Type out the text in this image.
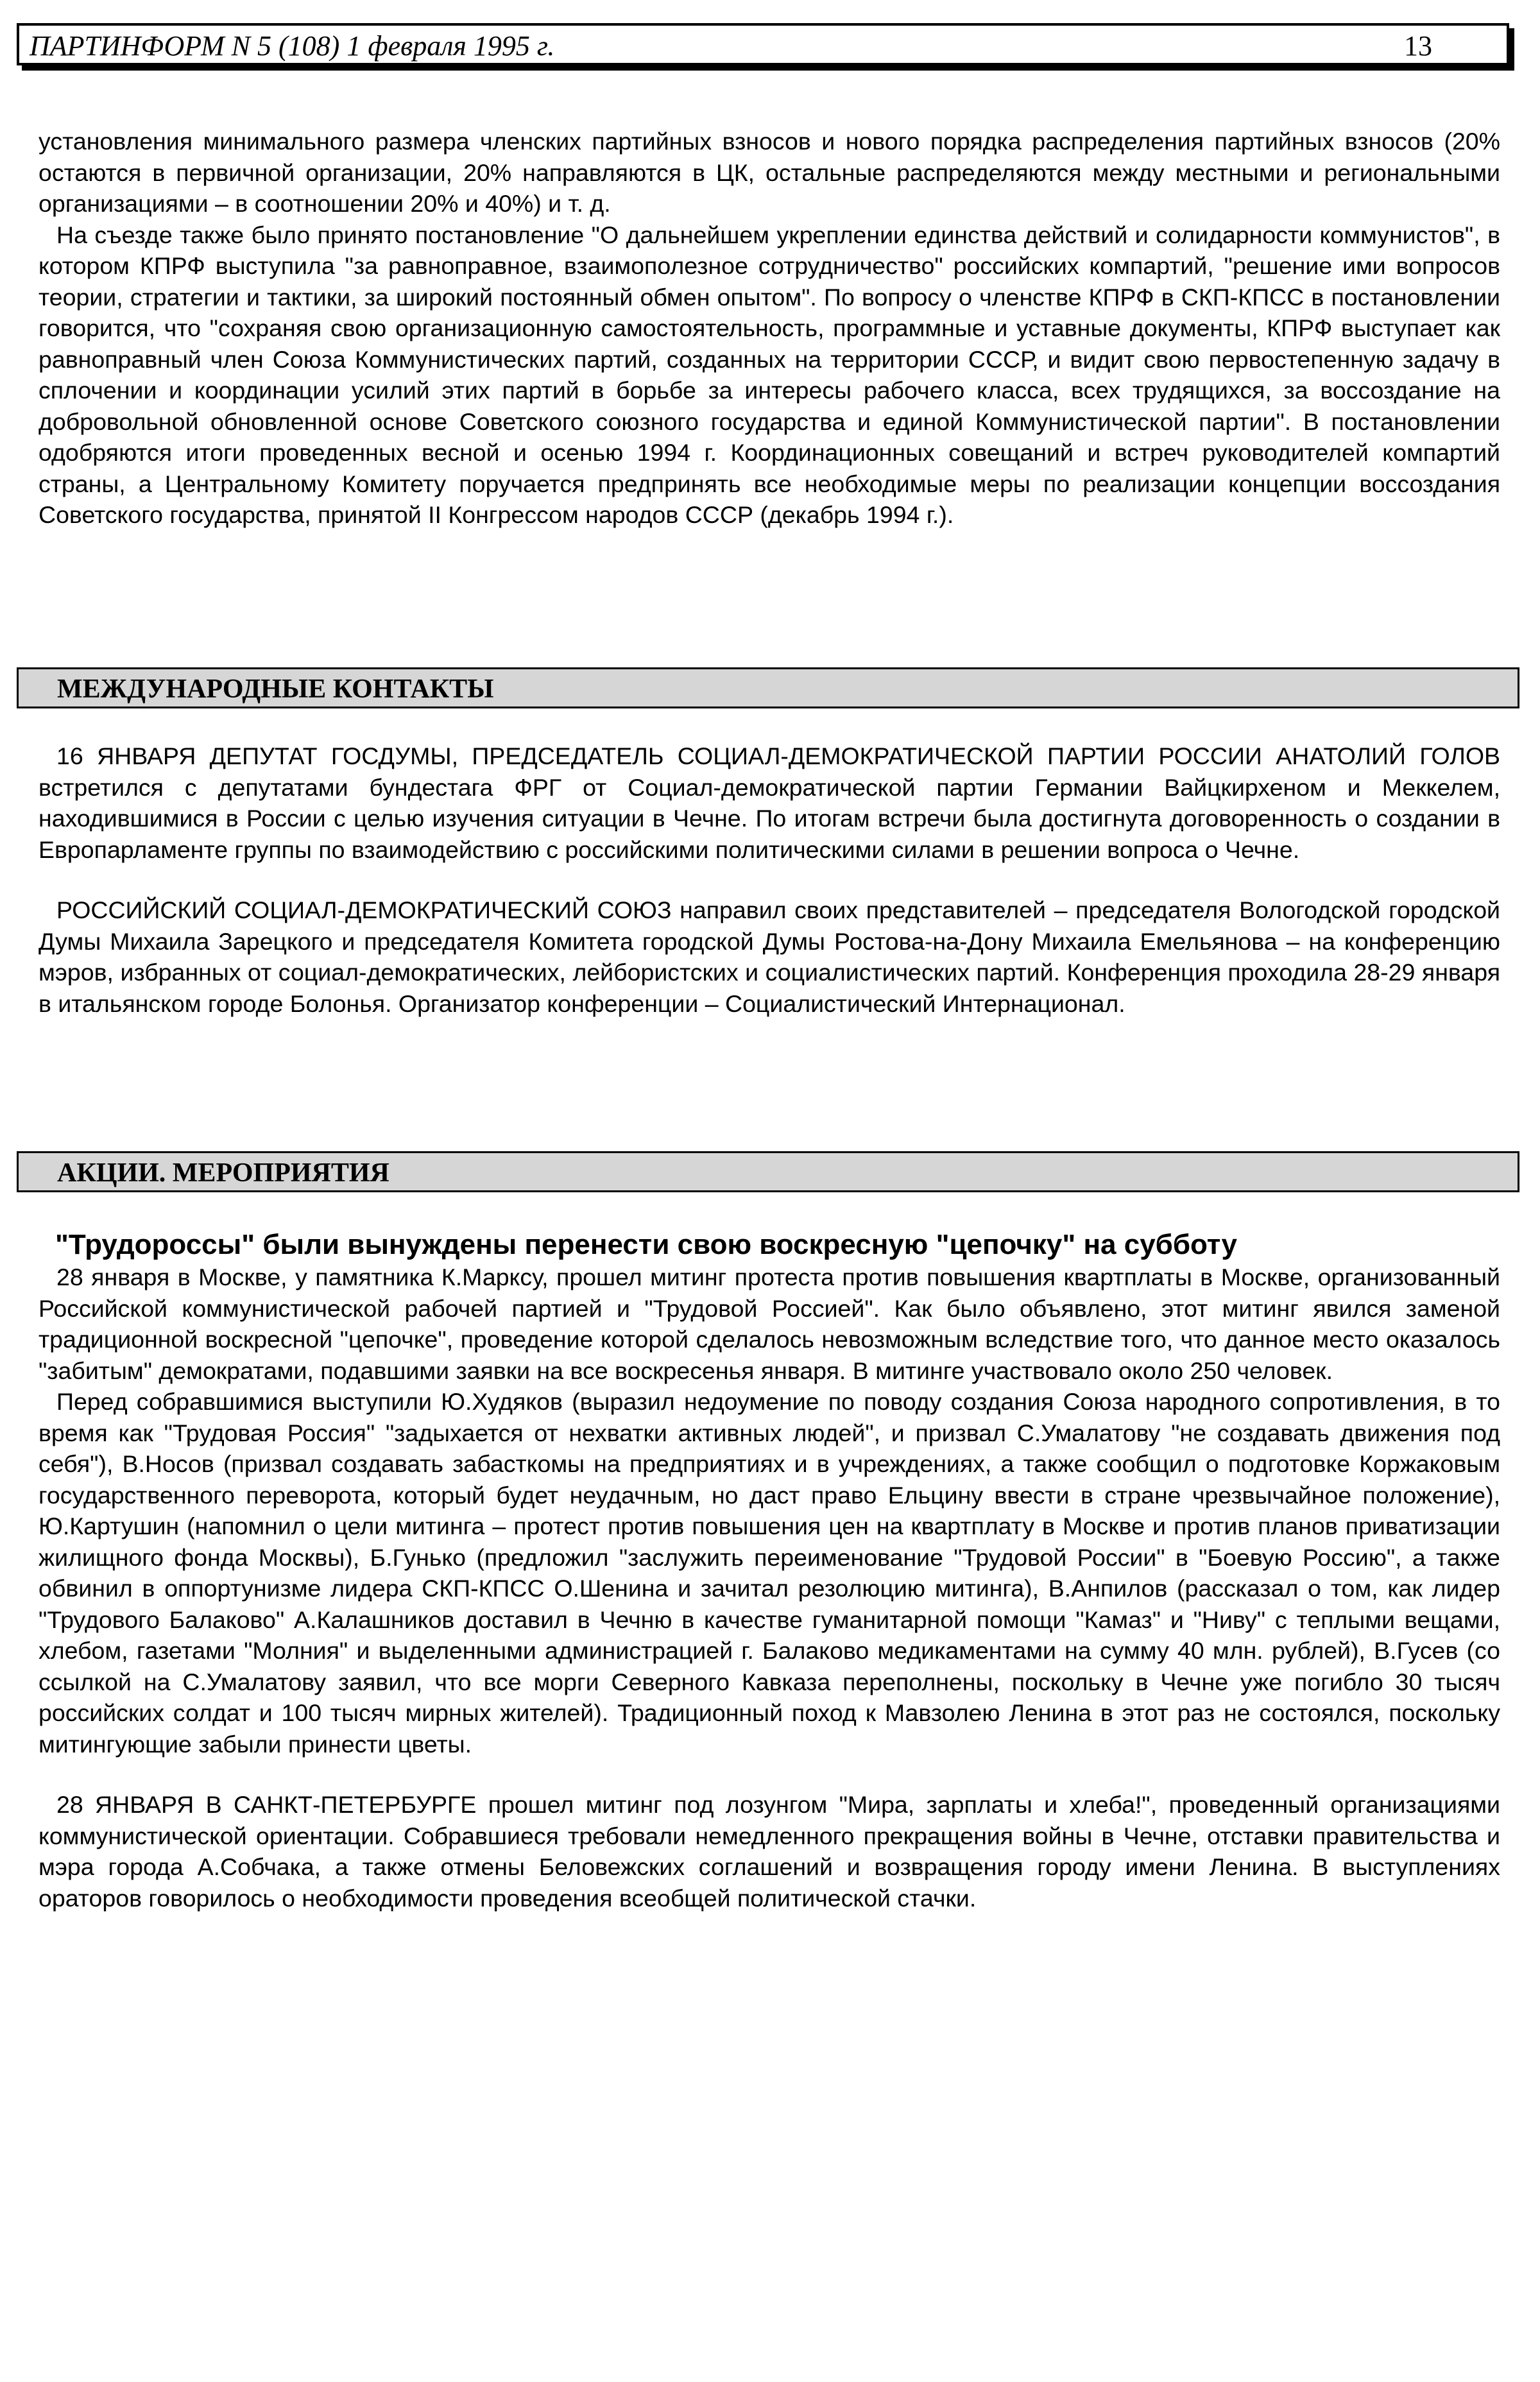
ПАРТИНФОРМ N 5 (108) 1 февраля 1995 г.	13

установления минимального размера членских партийных взносов и нового порядка распределения партийных взносов (20% остаются в первичной организации, 20% направляются в ЦК, остальные распределяются между местными и региональными организациями – в соотношении 20% и 40%) и т. д.

На съезде также было принято постановление "О дальнейшем укреплении единства действий и солидарности коммунистов", в котором КПРФ выступила "за равноправное, взаимополезное сотрудничество" российских компартий, "решение ими вопросов теории, стратегии и тактики, за широкий постоянный обмен опытом". По вопросу о членстве КПРФ в СКП-КПСС в постановлении говорится, что "сохраняя свою организационную самостоятельность, программные и уставные документы, КПРФ выступает как равноправный член Союза Коммунистических партий, созданных на территории СССР, и видит свою первостепенную задачу в сплочении и координации усилий этих партий в борьбе за интересы рабочего класса, всех трудящихся, за воссоздание на добровольной обновленной основе Советского союзного государства и единой Коммунистической партии". В постановлении одобряются итоги проведенных весной и осенью 1994 г. Координационных совещаний и встреч руководителей компартий страны, а Центральному Комитету поручается предпринять все необходимые меры по реализации концепции воссоздания Советского государства, принятой II Конгрессом народов СССР (декабрь 1994 г.).

МЕЖДУНАРОДНЫЕ КОНТАКТЫ

16 ЯНВАРЯ ДЕПУТАТ ГОСДУМЫ, ПРЕДСЕДАТЕЛЬ СОЦИАЛ-ДЕМОКРАТИЧЕСКОЙ ПАРТИИ РОССИИ АНАТОЛИЙ ГОЛОВ встретился с депутатами бундестага ФРГ от Социал-демократической партии Германии Вайцкирхеном и Меккелем, находившимися в России с целью изучения ситуации в Чечне. По итогам встречи была достигнута договоренность о создании в Европарламенте группы по взаимодействию с российскими политическими силами в решении вопроса о Чечне.

РОССИЙСКИЙ СОЦИАЛ-ДЕМОКРАТИЧЕСКИЙ СОЮЗ направил своих представителей – председателя Вологодской городской Думы Михаила Зарецкого и председателя Комитета городской Думы Ростова-на-Дону Михаила Емельянова – на конференцию мэров, избранных от социал-демократических, лейбористских и социалистических партий. Конференция проходила 28-29 января в итальянском городе Болонья. Организатор конференции – Социалистический Интернационал.

АКЦИИ. МЕРОПРИЯТИЯ
"Трудороссы" были вынуждены перенести свою воскресную "цепочку" на субботу

28 января в Москве, у памятника К.Марксу, прошел митинг протеста против повышения квартплаты в Москве, организованный Российской коммунистической рабочей партией и "Трудовой Россией". Как было объявлено, этот митинг явился заменой традиционной воскресной "цепочке", проведение которой сделалось невозможным вследствие того, что данное место оказалось "забитым" демократами, подавшими заявки на все воскресенья января. В митинге участвовало около 250 человек.

Перед собравшимися выступили Ю.Худяков (выразил недоумение по поводу создания Союза народного сопротивления, в то время как "Трудовая Россия" "задыхается от нехватки активных людей", и призвал С.Умалатову "не создавать движения под себя"), В.Носов (призвал создавать забасткомы на предприятиях и в учреждениях, а также сообщил о подготовке Коржаковым государственного переворота, который будет неудачным, но даст право Ельцину ввести в стране чрезвычайное положение), Ю.Картушин (напомнил о цели митинга – протест против повышения цен на квартплату в Москве и против планов приватизации жилищного фонда Москвы), Б.Гунько (предложил "заслужить переименование "Трудовой России" в "Боевую Россию", а также обвинил в оппортунизме лидера СКП-КПСС О.Шенина и зачитал резолюцию митинга), В.Анпилов (рассказал о том, как лидер "Трудового Балаково" А.Калашников доставил в Чечню в качестве гуманитарной помощи "Камаз" и "Ниву" с теплыми вещами, хлебом, газетами "Молния" и выделенными администрацией г. Балаково медикаментами на сумму 40 млн. рублей), В.Гусев (со ссылкой на С.Умалатову заявил, что все морги Северного Кавказа переполнены, поскольку в Чечне уже погибло 30 тысяч российских солдат и 100 тысяч мирных жителей). Традиционный поход к Мавзолею Ленина в этот раз не состоялся, поскольку митингующие забыли принести цветы.

28 ЯНВАРЯ В САНКТ-ПЕТЕРБУРГЕ прошел митинг под лозунгом "Мира, зарплаты и хлеба!", проведенный организациями коммунистической ориентации. Собравшиеся требовали немедленного прекращения войны в Чечне, отставки правительства и мэра города А.Собчака, а также отмены Беловежских соглашений и возвращения городу имени Ленина. В выступлениях ораторов говорилось о необходимости проведения всеобщей политической стачки.
